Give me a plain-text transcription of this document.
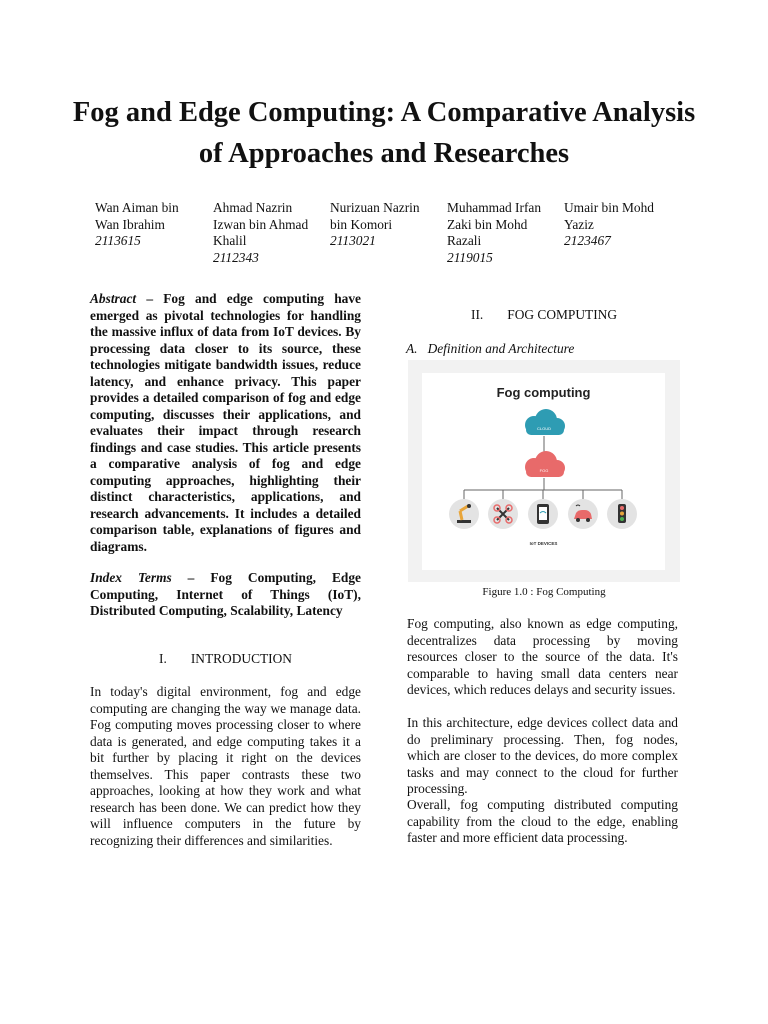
Fog and Edge Computing: A Comparative Analysis of Approaches and Researches
Wan Aiman bin
Wan Ibrahim
2113615
Ahmad Nazrin
Izwan bin Ahmad
Khalil
2112343
Nurizuan Nazrin
bin Komori
2113021
Muhammad Irfan
Zaki bin Mohd
Razali
2119015
Umair bin Mohd
Yaziz
2123467
Abstract – Fog and edge computing have emerged as pivotal technologies for handling the massive influx of data from IoT devices. By processing data closer to its source, these technologies mitigate bandwidth issues, reduce latency, and enhance privacy. This paper provides a detailed comparison of fog and edge computing, discusses their applications, and evaluates their impact through research findings and case studies. This article presents a comparative analysis of fog and edge computing approaches, highlighting their distinct characteristics, applications, and research advancements. It includes a detailed comparison table, explanations of figures and diagrams.
Index Terms – Fog Computing, Edge Computing, Internet of Things (IoT), Distributed Computing, Scalability, Latency
I. INTRODUCTION
In today's digital environment, fog and edge computing are changing the way we manage data. Fog computing moves processing closer to where data is generated, and edge computing takes it a bit further by placing it right on the devices themselves. This paper contrasts these two approaches, looking at how they work and what research has been done. We can predict how they will influence computers in the future by recognizing their differences and similarities.
II. FOG COMPUTING
A.   Definition and Architecture
Fog computing
CLOUD
FOG
IoT DEVICES
Figure 1.0 : Fog Computing
Fog computing, also known as edge computing, decentralizes data processing by moving resources closer to the source of the data. It's comparable to having small data centers near devices, which reduces delays and security issues.
In this architecture, edge devices collect data and do preliminary processing. Then, fog nodes, which are closer to the devices, do more complex tasks and may connect to the cloud for further processing.
Overall, fog computing distributed computing capability from the cloud to the edge, enabling faster and more efficient data processing.
